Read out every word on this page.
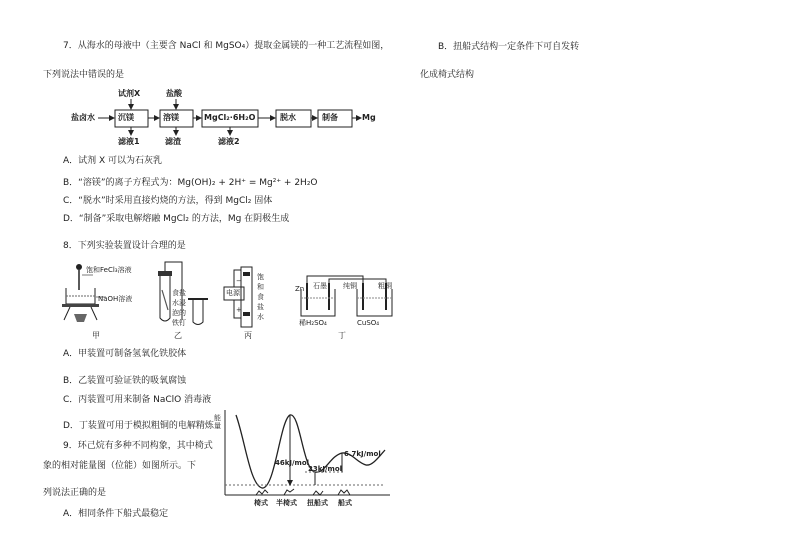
7．从海水的母液中（主要含 NaCl 和 MgSO₄）提取金属镁的一种工艺流程如图，
下列说法中错误的是
试剂X	盐酸
盐卤水	沉镁	溶镁	MgCl₂·6H₂O	脱水	制备	Mg
滤液1	滤渣	滤液2
A．试剂 X 可以为石灰乳
B．“溶镁”的离子方程式为：Mg(OH)₂ + 2H⁺ = Mg²⁺ + 2H₂O
C．“脱水”时采用直接灼烧的方法，得到 MgCl₂ 固体
D．“制备”采取电解熔融 MgCl₂ 的方法，Mg 在阴极生成
8．下列实验装置设计合理的是
−
+
饱和FeCl₃溶液
NaOH溶液
食盐水浸泡的铁钉
电源
饱和食盐水
Zn 石墨 纯铜	粗铜
稀H₂SO₄	CuSO₄
甲	乙	丙	丁
A．甲装置可制备氢氧化铁胶体
B．乙装置可验证铁的吸氧腐蚀
C．丙装置可用来制备 NaClO 消毒液
D．丁装置可用于模拟粗铜的电解精炼
9．环己烷有多种不同构象，其中椅式
象的相对能量图（位能）如图所示。下
列说法正确的是
A．相同条件下船式最稳定
能量
46kJ/mol
23kJ/mol
6.7kJ/mol
椅式 半椅式 扭船式 船式
B．扭船式结构一定条件下可自发转
化成椅式结构
